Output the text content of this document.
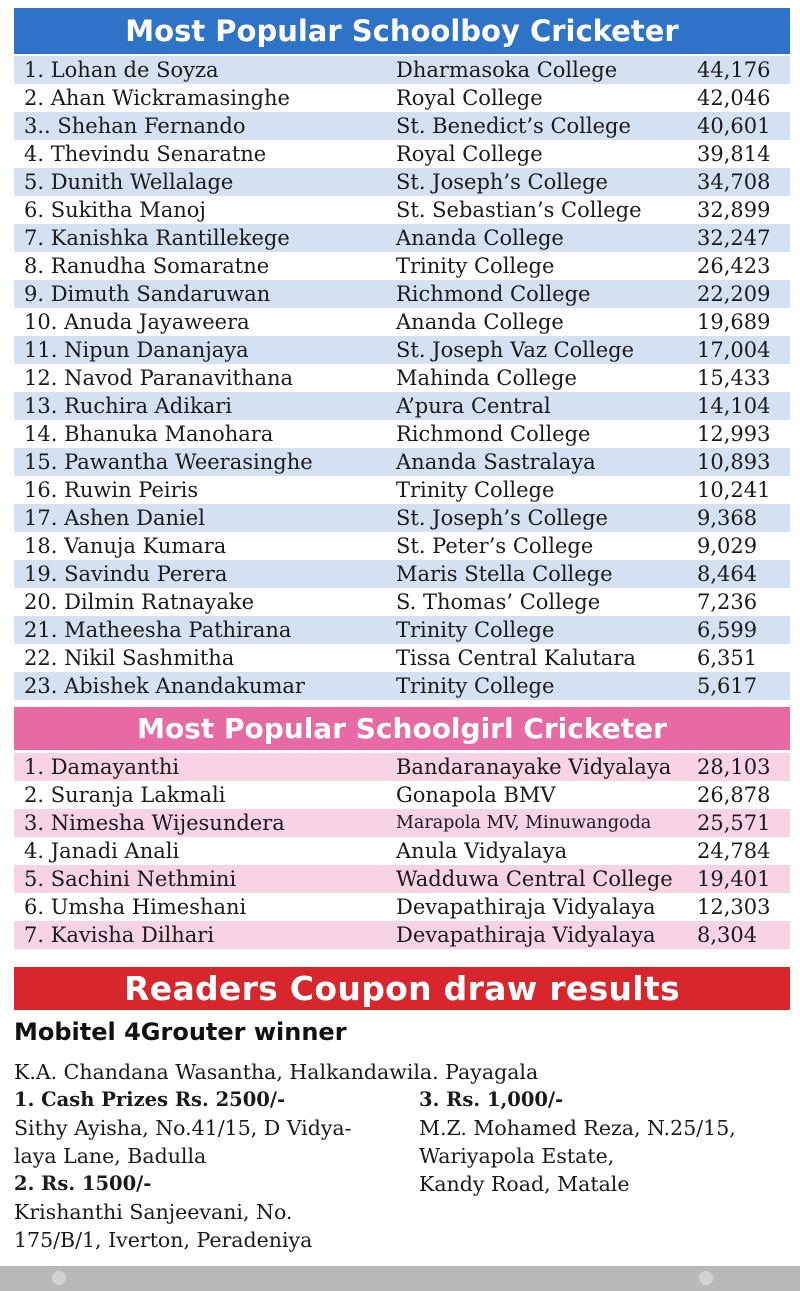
Most Popular Schoolboy Cricketer
1. Lohan de Soyza	Dharmasoka College	44,176
2. Ahan Wickramasinghe	Royal College	42,046
3.. Shehan Fernando	St. Benedict’s College	40,601
4. Thevindu Senaratne	Royal College	39,814
5. Dunith Wellalage	St. Joseph’s College	34,708
6. Sukitha Manoj	St. Sebastian’s College	32,899
7. Kanishka Rantillekege	Ananda College	32,247
8. Ranudha Somaratne	Trinity College	26,423
9. Dimuth Sandaruwan	Richmond College	22,209
10. Anuda Jayaweera	Ananda College	19,689
11. Nipun Dananjaya	St. Joseph Vaz College	17,004
12. Navod Paranavithana	Mahinda College	15,433
13. Ruchira Adikari	A’pura Central	14,104
14. Bhanuka Manohara	Richmond College	12,993
15. Pawantha Weerasinghe	Ananda Sastralaya	10,893
16. Ruwin Peiris	Trinity College	10,241
17. Ashen Daniel	St. Joseph’s College	9,368
18. Vanuja Kumara	St. Peter’s College	9,029
19. Savindu Perera	Maris Stella College	8,464
20. Dilmin Ratnayake	S. Thomas’ College	7,236
21. Matheesha Pathirana	Trinity College	6,599
22. Nikil Sashmitha	Tissa Central Kalutara	6,351
23. Abishek Anandakumar	Trinity College	5,617
Most Popular Schoolgirl Cricketer
1. Damayanthi	Bandaranayake Vidyalaya 28,103
2. Suranja Lakmali	Gonapola BMV	26,878
3. Nimesha Wijesundera	Marapola MV, Minuwangoda 25,571
4. Janadi Anali	Anula Vidyalaya	24,784
5. Sachini Nethmini	Wadduwa Central College 19,401
6. Umsha Himeshani	Devapathiraja Vidyalaya 12,303
7. Kavisha Dilhari	Devapathiraja Vidyalaya 8,304
Readers Coupon draw results
Mobitel 4Grouter winner
K.A. Chandana Wasantha, Halkandawila. Payagala
1. Cash Prizes Rs. 2500/-
Sithy Ayisha, No.41/15, D Vidya-
laya Lane, Badulla
2. Rs. 1500/-
Krishanthi Sanjeevani, No.
175/B/1, Iverton, Peradeniya
3. Rs. 1,000/-
M.Z. Mohamed Reza, N.25/15,
Wariyapola Estate,
Kandy Road, Matale
